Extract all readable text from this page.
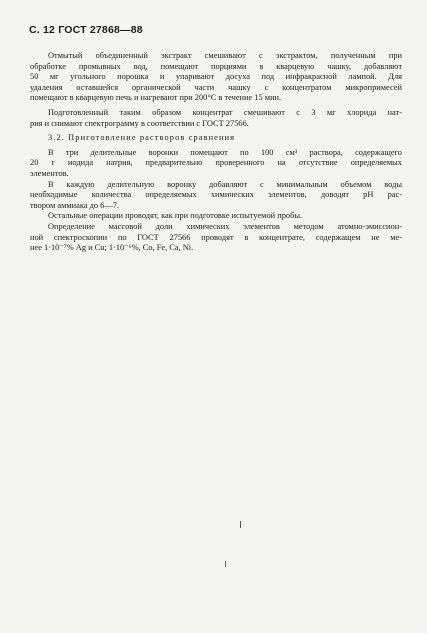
С. 12 ГОСТ 27868—88
Отмытый объединенный экстракт смешивают с экстрактом, полученным при
обработке промывных вод, помещают порциями в кварцевую чашку, добавляют
50 мг угольного порошка и упаривают досуха под инфракрасной лампой. Для
удаления оставшейся органической части чашку с концентратом микропримесей
помещают в кварцевую печь и нагревают при 200°С в течение 15 мин.
Подготовленный таким образом концентрат смешивают с 3 мг хлорида нат-
рия и снимают спектрограмму в соответствии с ГОСТ 27566.
3.2. Приготовление растворов сравнения
В три делительные воронки помещают по 100 см³ раствора, содержащего
20 г иодида натрия, предварительно проверенного на отсутствие определяемых
элементов.
В каждую делительную воронку добавляют с минимальным объемом воды
необходимые количества определяемых химических элементов, доводят pH рас-
твором аммиака до 6—7.
Остальные операции проводят, как при подготовке испытуемой пробы.
Определение массовой доли химических элементов методом атомно-эмиссион-
ной спектроскопии по ГОСТ 27566 проводят в концентрате, содержащем не ме-
нее 1·10⁻⁷% Ag и Cu; 1·10⁻⁶%, Co, Fe, Ca, Ni.
